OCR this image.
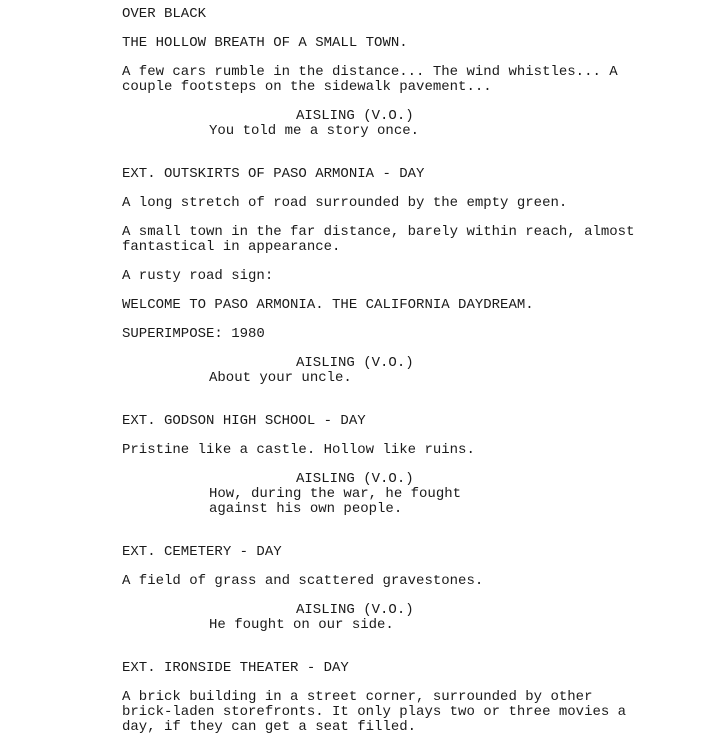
OVER BLACK

THE HOLLOW BREATH OF A SMALL TOWN.

A few cars rumble in the distance... The wind whistles... A

couple footsteps on the sidewalk pavement...

AISLING (V.O.)

You told me a story once.

EXT. OUTSKIRTS OF PASO ARMONIA - DAY

A long stretch of road surrounded by the empty green.

A small town in the far distance, barely within reach, almost

fantastical in appearance.

A rusty road sign:

WELCOME TO PASO ARMONIA. THE CALIFORNIA DAYDREAM.

SUPERIMPOSE: 1980

AISLING (V.O.)

About your uncle.

EXT. GODSON HIGH SCHOOL - DAY

Pristine like a castle. Hollow like ruins.

AISLING (V.O.)

How, during the war, he fought

against his own people.

EXT. CEMETERY - DAY

A field of grass and scattered gravestones.

AISLING (V.O.)

He fought on our side.

EXT. IRONSIDE THEATER - DAY

A brick building in a street corner, surrounded by other

brick-laden storefronts. It only plays two or three movies a

day, if they can get a seat filled.
